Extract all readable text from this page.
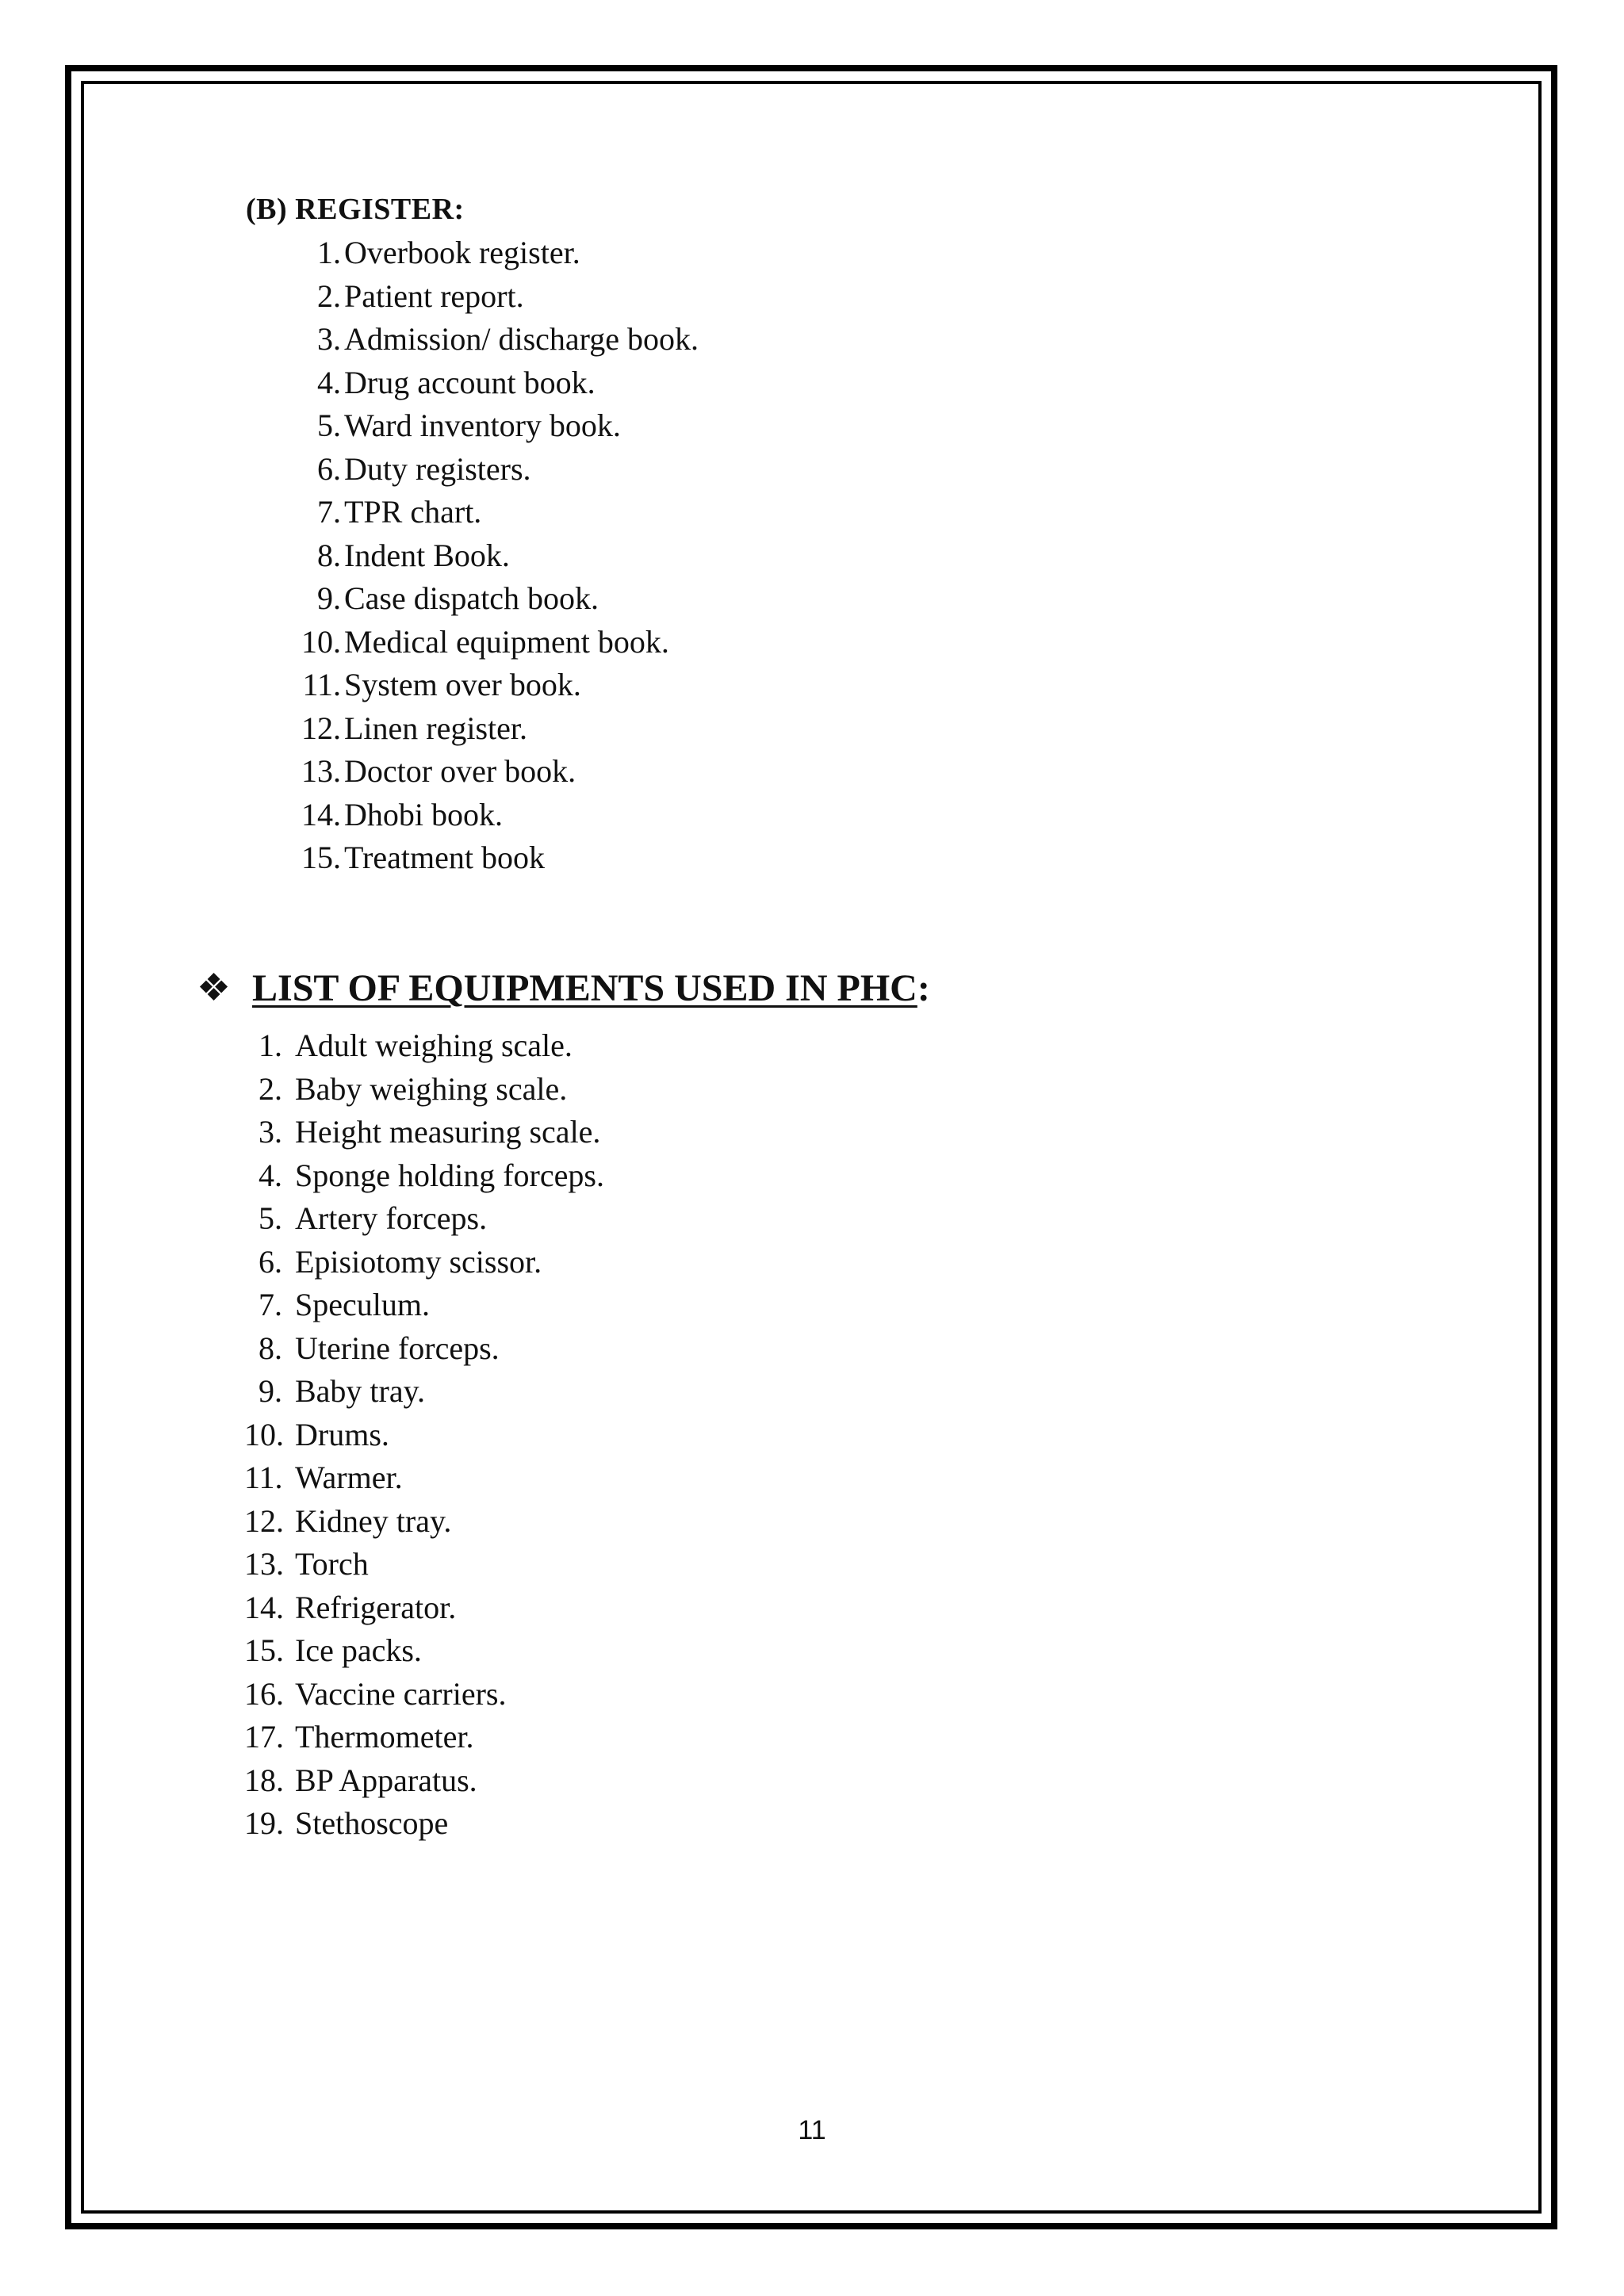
(B) REGISTER:
1. Overbook register.
2. Patient report.
3. Admission/ discharge book.
4. Drug account book.
5. Ward inventory book.
6. Duty registers.
7. TPR chart.
8. Indent Book.
9. Case dispatch book.
10. Medical equipment book.
11. System over book.
12. Linen register.
13. Doctor over book.
14. Dhobi book.
15. Treatment book
❖ LIST OF EQUIPMENTS USED IN PHC:
1. Adult weighing scale.
2. Baby weighing scale.
3. Height measuring scale.
4. Sponge holding forceps.
5. Artery forceps.
6. Episiotomy scissor.
7. Speculum.
8. Uterine forceps.
9. Baby tray.
10. Drums.
11. Warmer.
12. Kidney tray.
13. Torch
14. Refrigerator.
15. Ice packs.
16. Vaccine carriers.
17. Thermometer.
18. BP Apparatus.
19. Stethoscope
11
